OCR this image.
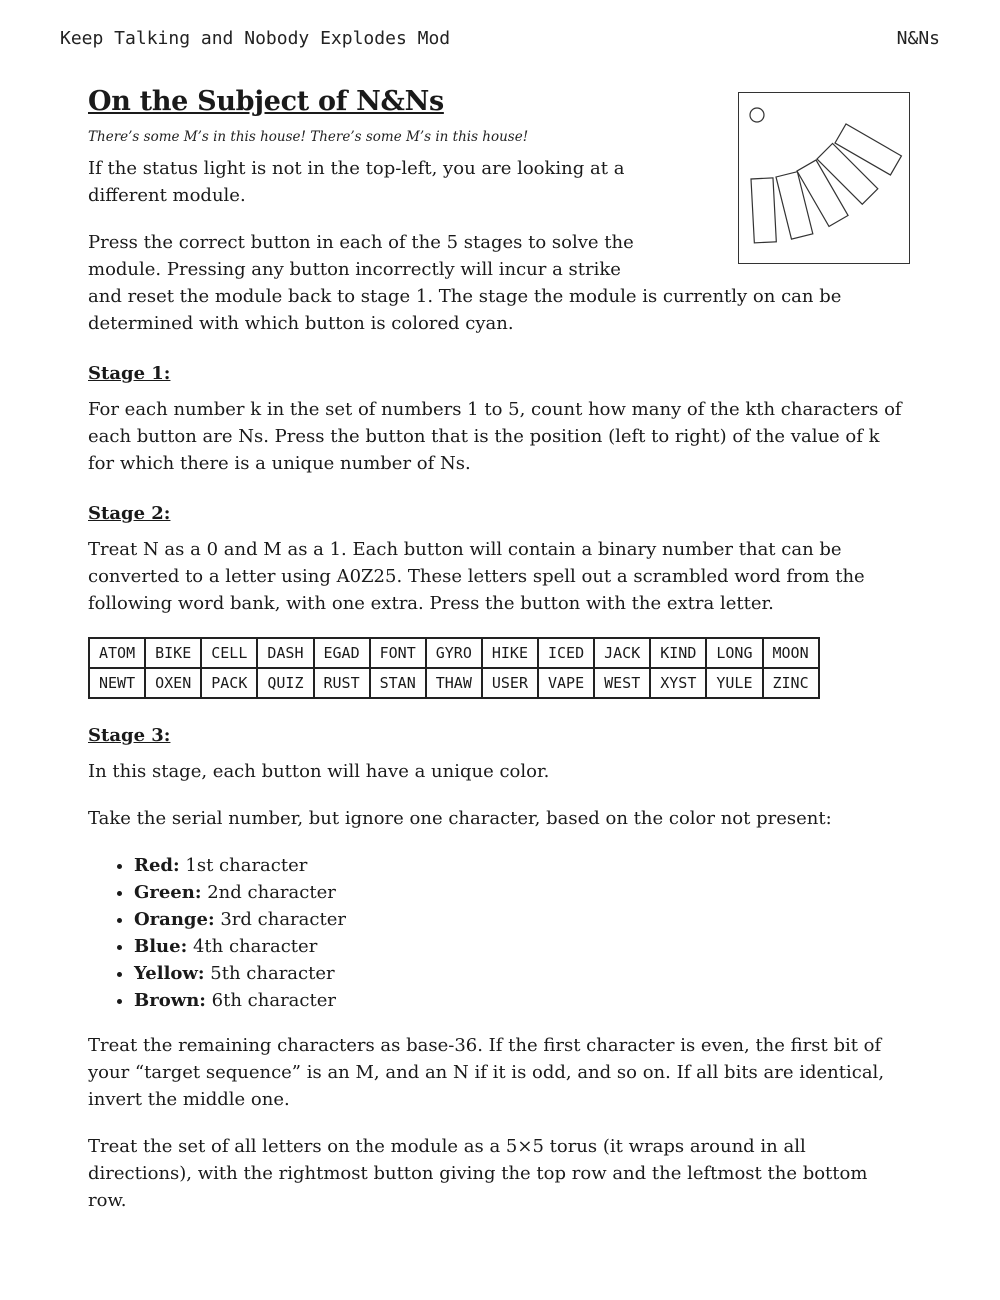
Keep Talking and Nobody Explodes Mod	N&Ns
On the Subject of N&Ns
There’s some M’s in this house! There’s some M’s in this house!

If the status light is not in the top-left, you are looking at a different module.

Press the correct button in each of the 5 stages to solve the module. Pressing any button incorrectly will incur a strike
and reset the module back to stage 1. The stage the module is currently on can be determined with which button is colored cyan.

Stage 1:

For each number k in the set of numbers 1 to 5, count how many of the kth characters of each button are Ns. Press the button that is the position (left to right) of the value of k for which there is a unique number of Ns.

Stage 2:

Treat N as a 0 and M as a 1. Each button will contain a binary number that can be converted to a letter using A0Z25. These letters spell out a scrambled word from the following word bank, with one extra. Press the button with the extra letter.

ATOM	BIKE	CELL	DASH	EGAD	FONT	GYRO	HIKE	ICED	JACK	KIND	LONG	MOON
NEWT	OXEN	PACK	QUIZ	RUST	STAN	THAW	USER	VAPE	WEST	XYST	YULE	ZINC
Stage 3:

In this stage, each button will have a unique color.

Take the serial number, but ignore one character, based on the color not present:

• Red: 1st character
• Green: 2nd character
• Orange: 3rd character
• Blue: 4th character
• Yellow: 5th character
• Brown: 6th character

Treat the remaining characters as base-36. If the first character is even, the first bit of your “target sequence” is an M, and an N if it is odd, and so on. If all bits are identical, invert the middle one.

Treat the set of all letters on the module as a 5×5 torus (it wraps around in all directions), with the rightmost button giving the top row and the leftmost the bottom row.
